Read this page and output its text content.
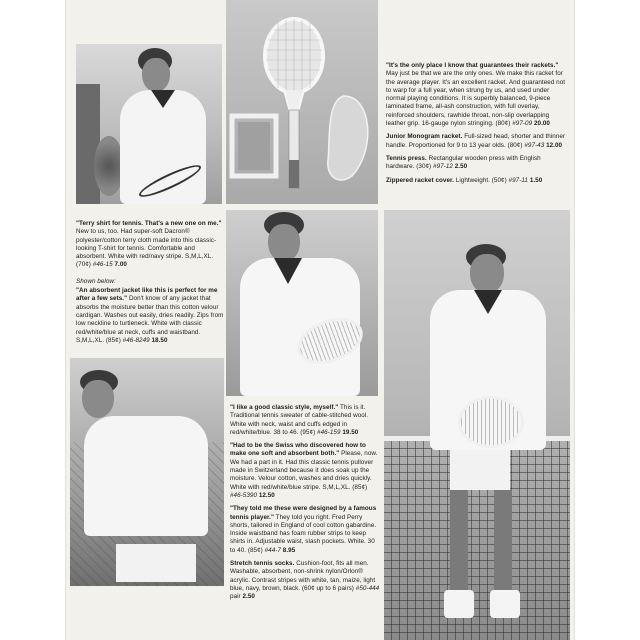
"It's the only place I know that guarantees their rackets." May just be that we are the only ones. We make this racket for the average player. It's an excellent racket. And guaranteed not to warp for a full year, when strung by us, and used under normal playing conditions. It is superbly balanced, 9-piece laminated frame, all-ash construction, with full overlay, reinforced shoulders, rawhide throat, non-slip overlapping leather grip. 16-gauge nylon stringing. (80¢) #97-09 20.00

Junior Monogram racket. Full-sized head, shorter and thinner handle. Proportioned for 9 to 13 year olds. (80¢) #97-43 12.00

Tennis press. Rectangular wooden press with English hardware. (30¢) #97-12 2.50

Zippered racket cover. Lightweight. (50¢) #97-11 1.50

"Terry shirt for tennis. That's a new one on me." New to us, too. Had super-soft Dacron® polyester/cotton terry cloth made into this classic-looking T-shirt for tennis. Comfortable and absorbent. White with red/navy stripe. S,M,L,XL. (70¢) #46-15 7.00

Shown below:

"An absorbent jacket like this is perfect for me after a few sets." Don't know of any jacket that absorbs the moisture better than this cotton velour cardigan. Washes out easily, dries readily. Zips from low neckline to turtleneck. White with classic red/white/blue at neck, cuffs and waistband. S,M,L,XL. (85¢) #46-8249 18.50

"I like a good classic style, myself." This is it. Traditional tennis sweater of cable-stitched wool. White with neck, waist and cuffs edged in red/white/blue. 38 to 46. (95¢) #46-159 19.50

"Had to be the Swiss who discovered how to make one soft and absorbent both." Please, now. We had a part in it. Had this classic tennis pullover made in Switzerland because it does soak up the moisture. Velour cotton, washes and dries quickly. White with red/white/blue stripe. S,M,L,XL. (85¢) #46-5390 12.50

"They told me these were designed by a famous tennis player." They told you right. Fred Perry shorts, tailored in England of cool cotton gabardine. Inside waistband has foam rubber strips to keep shirts in. Adjustable waist, slash pockets. White. 30 to 40. (85¢) #44-7 8.95

Stretch tennis socks. Cushion-foot, fits all men. Washable, absorbent, non-shrink nylon/Orlon® acrylic. Contrast stripes with white, tan, maize, light blue, navy, brown, black. (60¢ up to 6 pairs) #50-444 pair 2.50
